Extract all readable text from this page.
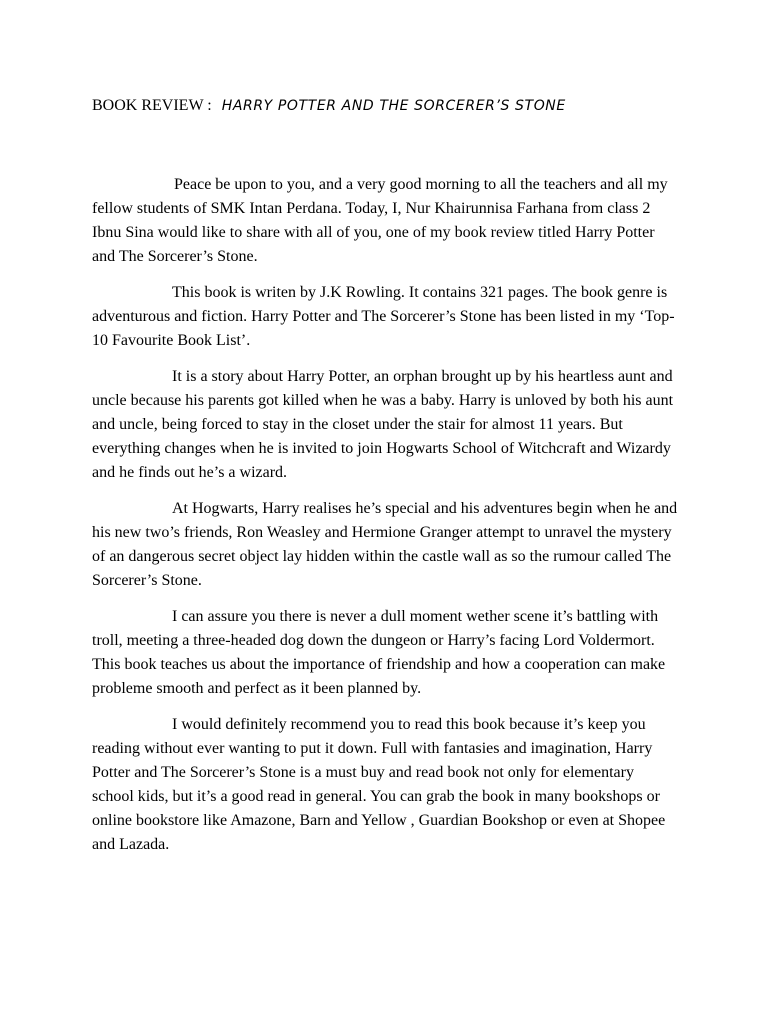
BOOK REVIEW : HARRY POTTER AND THE SORCERER’S STONE

Peace be upon to you, and a very good morning to all the teachers and all my fellow students of SMK Intan Perdana. Today, I, Nur Khairunnisa Farhana from class 2 Ibnu Sina would like to share with all of you, one of my book review titled Harry Potter and The Sorcerer’s Stone.

This book is writen by J.K Rowling. It contains 321 pages. The book genre is adventurous and fiction. Harry Potter and The Sorcerer’s Stone has been listed in my ‘Top-10 Favourite Book List’.

It is a story about Harry Potter, an orphan brought up by his heartless aunt and uncle because his parents got killed when he was a baby. Harry is unloved by both his aunt and uncle, being forced to stay in the closet under the stair for almost 11 years. But everything changes when he is invited to join Hogwarts School of Witchcraft and Wizardy and he finds out he’s a wizard.

At Hogwarts, Harry realises he’s special and his adventures begin when he and his new two’s friends, Ron Weasley and Hermione Granger attempt to unravel the mystery of an dangerous secret object lay hidden within the castle wall as so the rumour called The Sorcerer’s Stone.

I can assure you there is never a dull moment wether scene it’s battling with troll, meeting a three-headed dog down the dungeon or Harry’s facing Lord Voldermort. This book teaches us about the importance of friendship and how a cooperation can make probleme smooth and perfect as it been planned by.

I would definitely recommend you to read this book because it’s keep you reading without ever wanting to put it down. Full with fantasies and imagination, Harry Potter and The Sorcerer’s Stone is a must buy and read book not only for elementary school kids, but it’s a good read in general. You can grab the book in many bookshops or online bookstore like Amazone, Barn and Yellow , Guardian Bookshop or even at Shopee and Lazada.
